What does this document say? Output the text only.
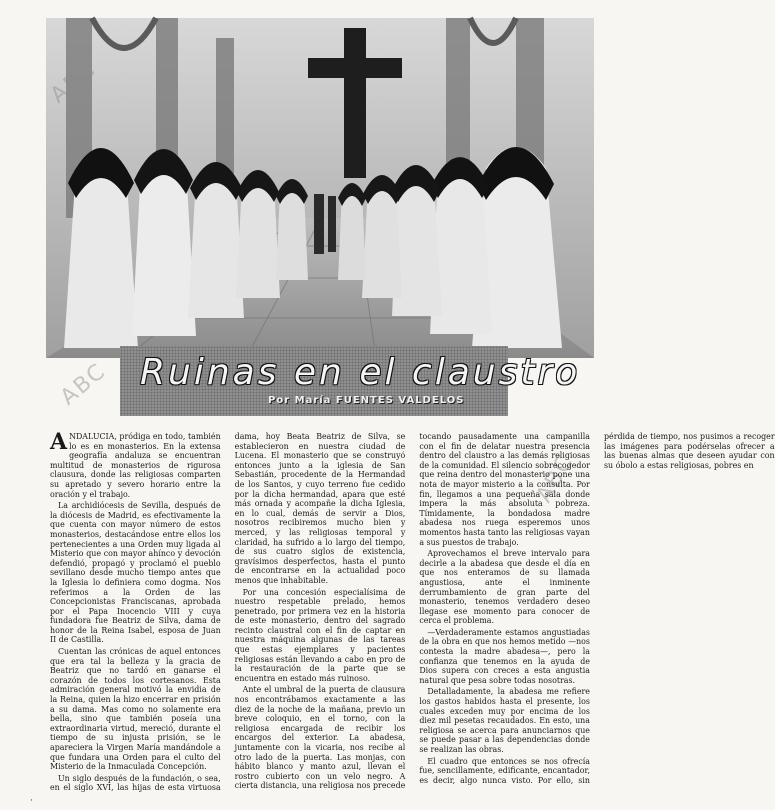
Ruinas en el claustro
Por María FUENTES VALDELOS
ABC
ABC
ABC

ANDALUCIA, pródiga en todo, también lo es en monasterios. En la extensa geografía andaluza se encuentran multitud de monasterios de rigurosa clausura, donde las religiosas comparten su apretado y severo horario entre la oración y el trabajo.

La archidiócesis de Sevilla, después de la diócesis de Madrid, es efectivamente la que cuenta con mayor número de estos monasterios, destacándose entre ellos los pertenecientes a una Orden muy ligada al Misterio que con mayor ahínco y devoción defendió, propagó y proclamó el pueblo sevillano desde mucho tiempo antes que la Iglesia lo definiera como dogma. Nos referimos a la Orden de las Concepcionistas Franciscanas, aprobada por el Papa Inocencio VIII y cuya fundadora fue Beatriz de Silva, dama de honor de la Reina Isabel, esposa de Juan II de Castilla.

Cuentan las crónicas de aquel entonces que era tal la belleza y la gracia de Beatriz que no tardó en ganarse el corazón de todos los cortesanos. Esta admiración general motivó la envidia de la Reina, quien la hizo encerrar en prisión a su dama. Mas como no solamente era bella, sino que también poseía una extraordinaria virtud, mereció, durante el tiempo de su injusta prisión, se le apareciera la Virgen María mandándole a que fundara una Orden para el culto del Misterio de la Inmaculada Concepción.

Un siglo después de la fundación, o sea, en el siglo XVI, las hijas de esta virtuosa dama, hoy Beata Beatriz de Silva, se establecieron en nuestra ciudad de Lucena. El monasterio que se construyó entonces junto a la iglesia de San Sebastián, procedente de la Hermandad de los Santos, y cuyo terreno fue cedido por la dicha hermandad, apara que esté más ornada y acompañe la dicha Iglesia, en lo cual, demás de servir a Dios, nosotros recibiremos mucho bien y merced, y las religiosas temporal y claridad, ha sufrido a lo largo del tiempo, de sus cuatro siglos de existencia, gravísimos desperfectos, hasta el punto de encontrarse en la actualidad poco menos que inhabitable.

Por una concesión especialísima de nuestro respetable prelado, hemos penetrado, por primera vez en la historia de este monasterio, dentro del sagrado recinto claustral con el fin de captar en nuestra máquina algunas de las tareas que estas ejemplares y pacientes religiosas están llevando a cabo en pro de la restauración de la parte que se encuentra en estado más ruinoso.

Ante el umbral de la puerta de clausura nos encontrábamos exactamente a las diez de la noche de la mañana, previo un breve coloquio, en el torno, con la religiosa encargada de recibir los encargos del exterior. La abadesa, juntamente con la vicaria, nos recibe al otro lado de la puerta. Las monjas, con hábito blanco y manto azul, llevan el rostro cubierto con un velo negro. A cierta distancia, una religiosa nos precede tocando pausadamente una campanilla con el fin de delatar nuestra presencia dentro del claustro a las demás religiosas de la comunidad. El silencio sobrecogedor que reina dentro del monasterio pone una nota de mayor misterio a la consulta. Por fin, llegamos a una pequeña sala donde impera la más absoluta pobreza. Tímidamente, la bondadosa madre abadesa nos ruega esperemos unos momentos hasta tanto las religiosas vayan a sus puestos de trabajo.

Aprovechamos el breve intervalo para decirle a la abadesa que desde el día en que nos enteramos de su llamada angustiosa, ante el inminente derrumbamiento de gran parte del monasterio, tenemos verdadero deseo llegase ese momento para conocer de cerca el problema.

—Verdaderamente estamos angustiadas de la obra en que nos hemos metido —nos contesta la madre abadesa—, pero la confianza que tenemos en la ayuda de Dios supera con creces a esta angustia natural que pesa sobre todas nosotras.

Detalladamente, la abadesa me refiere los gastos habidos hasta el presente, los cuales exceden muy por encima de los diez mil pesetas recaudados. En esto, una religiosa se acerca para anunciarnos que se puede pasar a las dependencias donde se realizan las obras.

El cuadro que entonces se nos ofrecía fue, sencillamente, edificante, encantador, es decir, algo nunca visto. Por ello, sin pérdida de tiempo, nos pusimos a recoger las imágenes para podérselas ofrecer a las buenas almas que deseen ayudar con su óbolo a estas religiosas, pobres en

·
